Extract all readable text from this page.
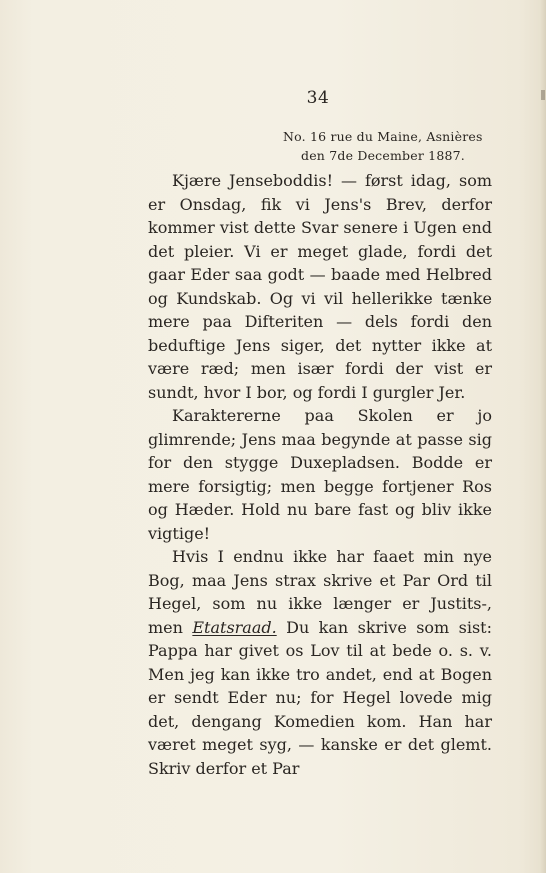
34
No. 16 rue du Maine, Asnières
den 7de December 1887.

Kjære Jenseboddis! — først idag, som er Onsdag, fik vi Jens's Brev, derfor kommer vist dette Svar senere i Ugen end det pleier. Vi er meget glade, fordi det gaar Eder saa godt — baade med Helbred og Kundskab. Og vi vil hellerikke tænke mere paa Difteriten — dels fordi den beduftige Jens siger, det nytter ikke at være ræd; men især fordi der vist er sundt, hvor I bor, og fordi I gurgler Jer.

Karaktererne paa Skolen er jo glimrende; Jens maa begynde at passe sig for den stygge Duxepladsen. Bodde er mere forsigtig; men begge fortjener Ros og Hæder. Hold nu bare fast og bliv ikke vigtige!

Hvis I endnu ikke har faaet min nye Bog, maa Jens strax skrive et Par Ord til Hegel, som nu ikke længer er Justits-, men Etatsraad. Du kan skrive som sist: Pappa har givet os Lov til at bede o. s. v. Men jeg kan ikke tro andet, end at Bogen er sendt Eder nu; for Hegel lovede mig det, dengang Komedien kom. Han har været meget syg, — kanske er det glemt. Skriv derfor et Par
